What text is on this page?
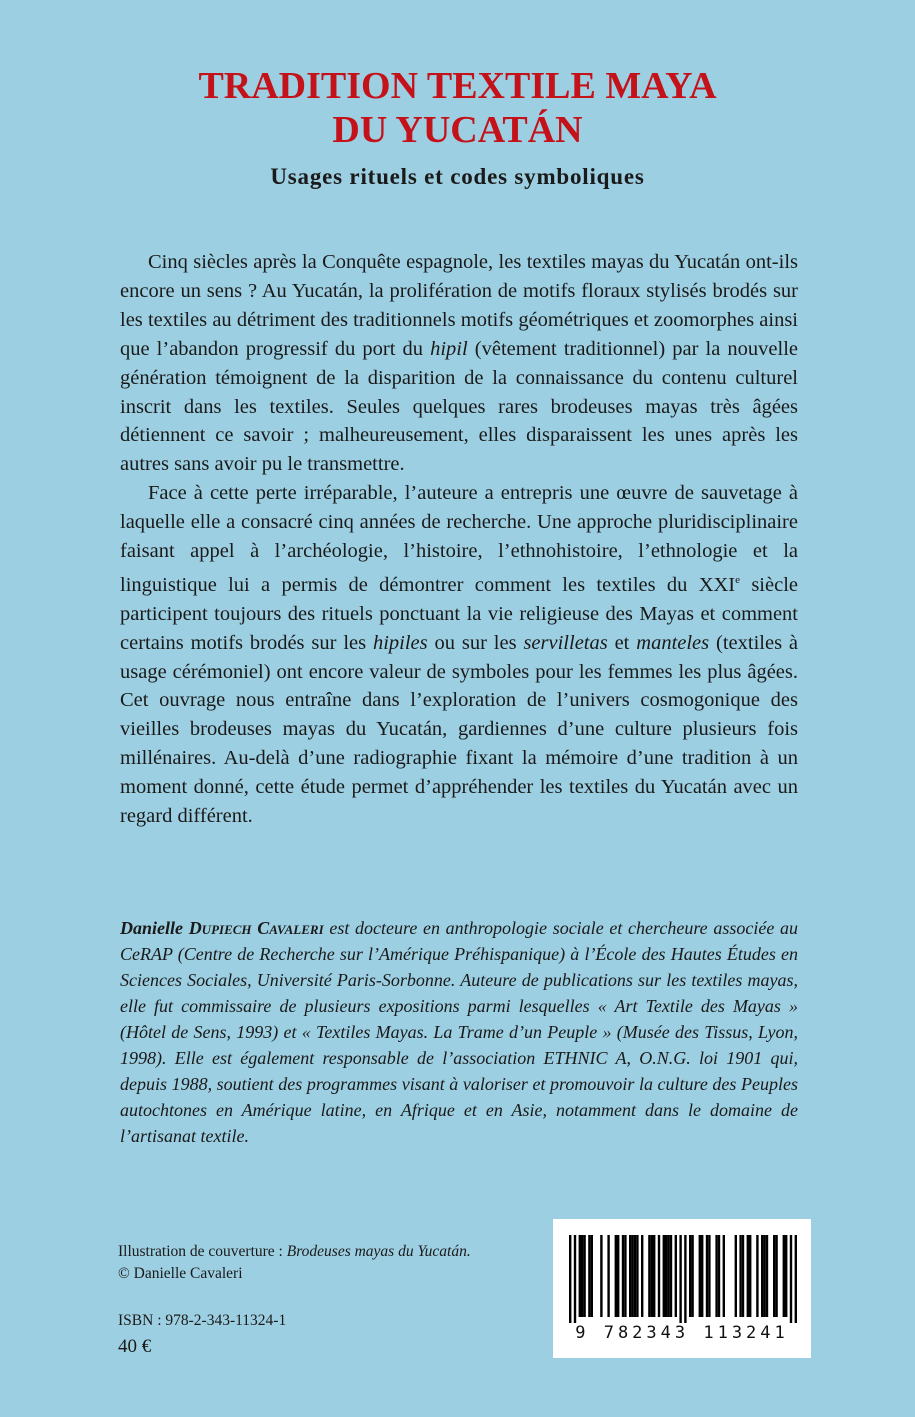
TRADITION TEXTILE MAYA
DU YUCATÁN
Usages rituels et codes symboliques

Cinq siècles après la Conquête espagnole, les textiles mayas du Yucatán ont-ils encore un sens ? Au Yucatán, la prolifération de motifs floraux stylisés brodés sur les textiles au détriment des traditionnels motifs géométriques et zoomorphes ainsi que l’abandon progressif du port du hipil (vêtement traditionnel) par la nouvelle génération témoignent de la disparition de la connaissance du contenu culturel inscrit dans les textiles. Seules quelques rares brodeuses mayas très âgées détiennent ce savoir ; malheureusement, elles disparaissent les unes après les autres sans avoir pu le transmettre.

Face à cette perte irréparable, l’auteure a entrepris une œuvre de sauvetage à laquelle elle a consacré cinq années de recherche. Une approche pluridisciplinaire faisant appel à l’archéologie, l’histoire, l’ethnohistoire, l’ethnologie et la linguistique lui a permis de démontrer comment les textiles du XXIe siècle participent toujours des rituels ponctuant la vie religieuse des Mayas et comment certains motifs brodés sur les hipiles ou sur les servilletas et manteles (textiles à usage cérémoniel) ont encore valeur de symboles pour les femmes les plus âgées. Cet ouvrage nous entraîne dans l’exploration de l’univers cosmogonique des vieilles brodeuses mayas du Yucatán, gardiennes d’une culture plusieurs fois millénaires. Au-delà d’une radiographie fixant la mémoire d’une tradition à un moment donné, cette étude permet d’appréhender les textiles du Yucatán avec un regard différent.

Danielle Dupiech Cavaleri est docteure en anthropologie sociale et chercheure associée au CeRAP (Centre de Recherche sur l’Amérique Préhispanique) à l’École des Hautes Études en Sciences Sociales, Université Paris-Sorbonne. Auteure de publications sur les textiles mayas, elle fut commissaire de plusieurs expositions parmi lesquelles « Art Textile des Mayas » (Hôtel de Sens, 1993) et « Textiles Mayas. La Trame d’un Peuple » (Musée des Tissus, Lyon, 1998). Elle est également responsable de l’association ETHNIC A, O.N.G. loi 1901 qui, depuis 1988, soutient des programmes visant à valoriser et promouvoir la culture des Peuples autochtones en Amérique latine, en Afrique et en Asie, notamment dans le domaine de l’artisanat textile.

Illustration de couverture : Brodeuses mayas du Yucatán.

© Danielle Cavaleri

ISBN : 978-2-343-11324-1

40 €

9 782343 113241
